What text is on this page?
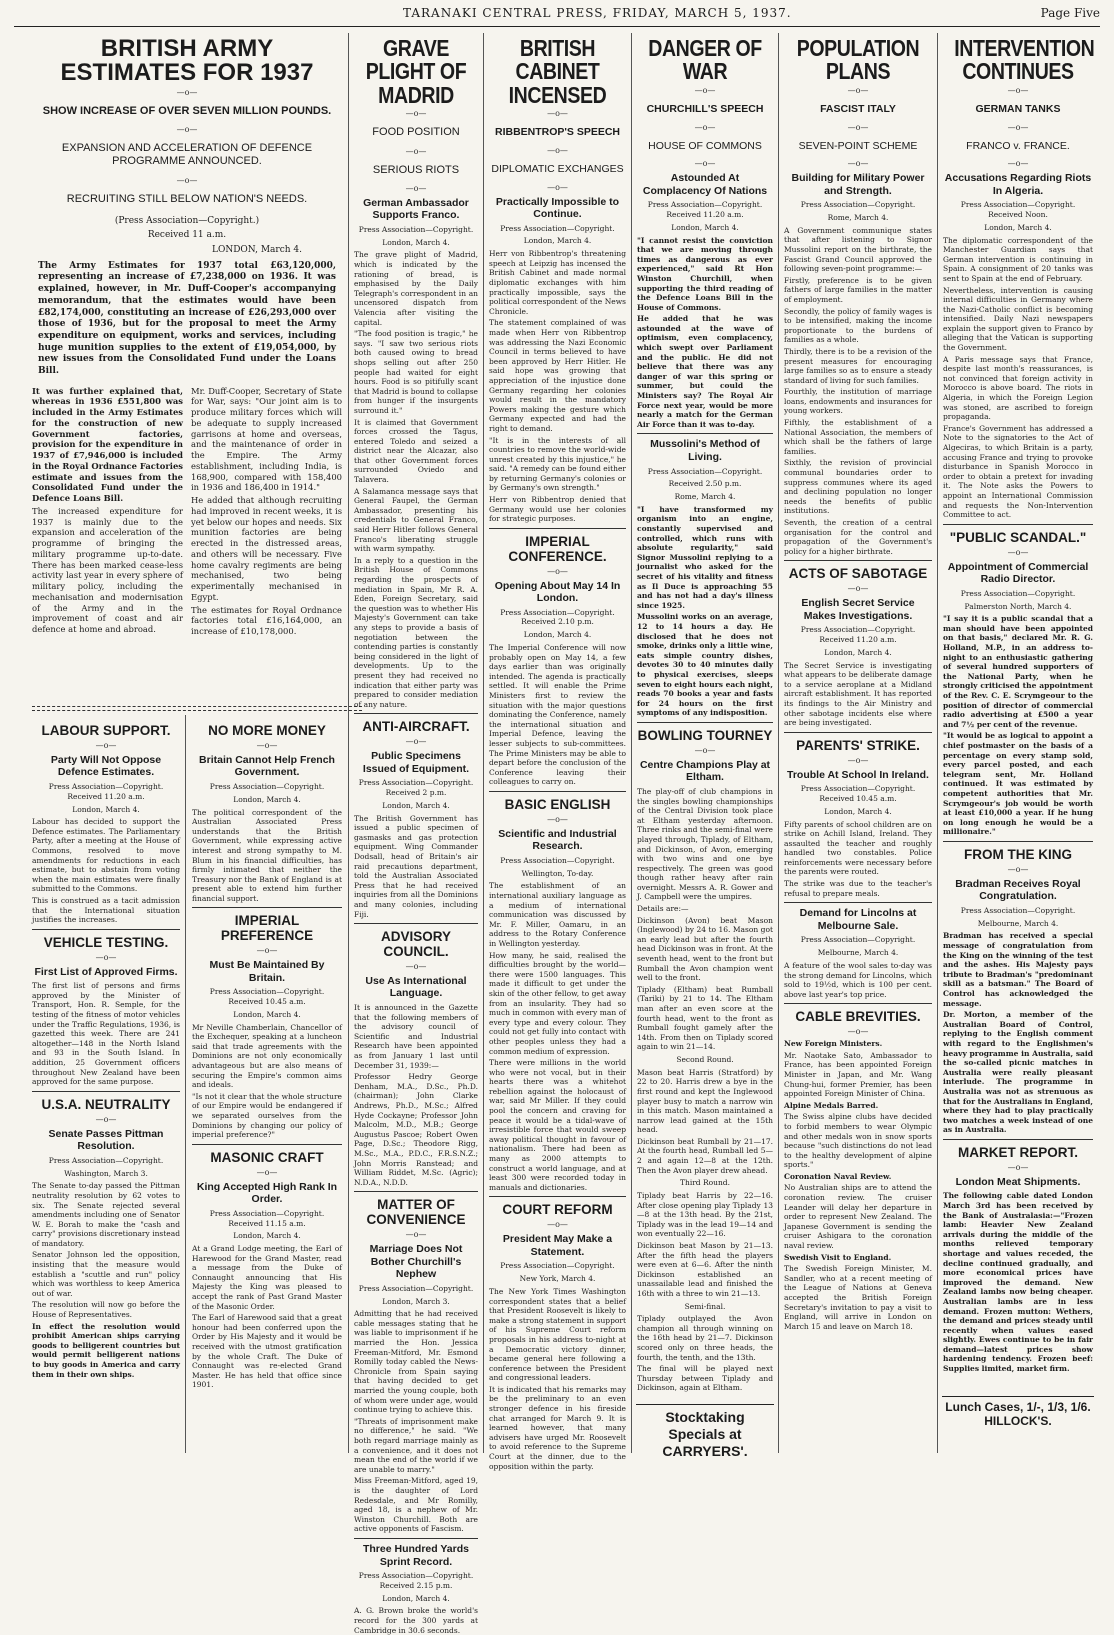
TARANAKI CENTRAL PRESS, FRIDAY, MARCH 5, 1937.	Page Five
BRITISH ARMY ESTIMATES FOR 1937
—o—
SHOW INCREASE OF OVER SEVEN MILLION POUNDS.
—o—
EXPANSION AND ACCELERATION OF DEFENCE PROGRAMME ANNOUNCED.
—o—
RECRUITING STILL BELOW NATION'S NEEDS.
(Press Association—Copyright.)
Received 11 a.m.
LONDON, March 4.
The Army Estimates for 1937 total £63,120,000, representing an increase of £7,238,000 on 1936. It was explained, however, in Mr. Duff-Cooper's accompanying memorandum, that the estimates would have been £82,174,000, constituting an increase of £26,293,000 over those of 1936, but for the proposal to meet the Army expenditure on equipment, works and services, including huge munition supplies to the extent of £19,054,000, by new issues from the Consolidated Fund under the Loans Bill.
It was further explained that, whereas in 1936 £551,800 was included in the Army Estimates for the construction of new Government factories, provision for the expenditure in 1937 of £7,946,000 is included in the Royal Ordnance Factories estimate and issues from the Consolidated Fund under the Defence Loans Bill.
The increased expenditure for 1937 is mainly due to the expansion and acceleration of the programme of bringing the military programme up-to-date. There has been marked cease-less activity last year in every sphere of military policy, including the mechanisation and modernisation of the Army and in the improvement of coast and air defence at home and abroad.
Mr. Duff-Cooper, Secretary of State for War, says: "Our joint aim is to produce military forces which will be adequate to supply increased garrisons at home and overseas, and the maintenance of order in the Empire. The Army establishment, including India, is 168,900, compared with 158,400 in 1936 and 186,400 in 1914."
He added that although recruiting had improved in recent weeks, it is yet below our hopes and needs. Six munition factories are being erected in the distressed areas, and others will be necessary. Five home cavalry regiments are being mechanised, two being experimentally mechanised in Egypt.
The estimates for Royal Ordnance factories total £16,164,000, an increase of £10,178,000.
LABOUR SUPPORT.
—o—
Party Will Not Oppose Defence Estimates.
Press Association—Copyright. Received 11.20 a.m.
London, March 4.
Labour has decided to support the Defence estimates. The Parliamentary Party, after a meeting at the House of Commons, resolved to move amendments for reductions in each estimate, but to abstain from voting when the main estimates were finally submitted to the Commons.
This is construed as a tacit admission that the International situation justifies the increases.
VEHICLE TESTING.
—o—
First List of Approved Firms.
The first list of persons and firms approved by the Minister of Transport, Hon. R. Semple, for the testing of the fitness of motor vehicles under the Traffic Regulations, 1936, is gazetted this week. There are 241 altogether—148 in the North Island and 93 in the South Island. In addition, 25 Government officers throughout New Zealand have been approved for the same purpose.
U.S.A. NEUTRALITY
—o—
Senate Passes Pittman Resolution.
Press Association—Copyright.
Washington, March 3.
The Senate to-day passed the Pittman neutrality resolution by 62 votes to six. The Senate rejected several amendments including one of Senator W. E. Borah to make the "cash and carry" provisions discretionary instead of mandatory.
Senator Johnson led the opposition, insisting that the measure would establish a "scuttle and run" policy which was worthless to keep America out of war.
The resolution will now go before the House of Representatives.
In effect the resolution would prohibit American ships carrying goods to belligerent countries but would permit belligerent nations to buy goods in America and carry them in their own ships.
NO MORE MONEY
—o—
Britain Cannot Help French Government.
Press Association—Copyright.
London, March 4.
The political correspondent of the Australian Associated Press understands that the British Government, while expressing active interest and strong sympathy to M. Blum in his financial difficulties, has firmly intimated that neither the Treasury nor the Bank of England is at present able to extend him further financial support.
IMPERIAL PREFERENCE
—o—
Must Be Maintained By Britain.
Press Association—Copyright. Received 10.45 a.m.
London, March 4.
Mr Neville Chamberlain, Chancellor of the Exchequer, speaking at a luncheon said that trade agreements with the Dominions are not only economically advantageous but are also means of securing the Empire's common aims and ideals.
"Is not it clear that the whole structure of our Empire would be endangered if we separated ourselves from the Dominions by changing our policy of imperial preference?"
MASONIC CRAFT
—o—
King Accepted High Rank In Order.
Press Association—Copyright. Received 11.15 a.m.
London, March 4.
At a Grand Lodge meeting, the Earl of Harewood for the Grand Master, read a message from the Duke of Connaught announcing that His Majesty the King was pleased to accept the rank of Past Grand Master of the Masonic Order.
The Earl of Harewood said that a great honour had been conferred upon the Order by His Majesty and it would be received with the utmost gratification by the whole Craft. The Duke of Connaught was re-elected Grand Master. He has held that office since 1901.
GRAVE PLIGHT OF MADRID
—o—
FOOD POSITION
—o—
SERIOUS RIOTS
—o—
German Ambassador Supports Franco.
Press Association—Copyright.
London, March 4.
The grave plight of Madrid, which is indicated by the rationing of bread, is emphasised by the Daily Telegraph's correspondent in an uncensored dispatch from Valencia after visiting the capital.
"The food position is tragic," he says. "I saw two serious riots both caused owing to bread shops selling out after 250 people had waited for eight hours. Food is so pitifully scant that Madrid is bound to collapse from hunger if the insurgents surround it."
It is claimed that Government forces crossed the Tagus, entered Toledo and seized a district near the Alcazar, also that other Government forces surrounded Oviedo and Talavera.
A Salamanca message says that General Faupel, the German Ambassador, presenting his credentials to General Franco, said Herr Hitler follows General Franco's liberating struggle with warm sympathy.
In a reply to a question in the British House of Commons regarding the prospects of mediation in Spain, Mr R. A. Eden, Foreign Secretary, said the question was to whether His Majesty's Government can take any steps to provide a basis of negotiation between the contending parties is constantly being considered in the light of developments. Up to the present they had received no indication that either party was prepared to consider mediation of any nature.
ANTI-AIRCRAFT.
—o—
Public Specimens Issued of Equipment.
Press Association—Copyright. Received 2 p.m.
London, March 4.
The British Government has issued a public specimen of gasmasks and gas protection equipment. Wing Commander Dodsall, head of Britain's air raid precautions department, told the Australian Associated Press that he had received inquiries from all the Dominions and many colonies, including Fiji.
ADVISORY COUNCIL.
—o—
Use As International Language.
It is announced in the Gazette that the following members of the advisory council of Scientific and Industrial Research have been appointed as from January 1 last until December 31, 1939:—
Professor Hedry George Denham, M.A., D.Sc., Ph.D. (chairman); John Clarke Andrews, Ph.D., M.Sc.; Alfred Hyde Cockayne; Professor John Malcolm, M.D., M.B.; George Augustus Pascoe; Robert Owen Page, D.Sc.; Theodore Rigg, M.Sc., M.A., P.D.C., F.R.S.N.Z.; John Morris Ranstead; and William Riddet, M.Sc. (Agric); N.D.A., N.D.D.
MATTER OF CONVENIENCE
—o—
Marriage Does Not Bother Churchill's Nephew
Press Association—Copyright.
London, March 3.
Admitting that he had received cable messages stating that he was liable to imprisonment if he married the Hon. Jessica Freeman-Mitford, Mr. Esmond Romilly today cabled the News-Chronicle from Spain saying that having decided to get married the young couple, both of whom were under age, would continue trying to achieve this.
"Threats of imprisonment make no difference," he said. "We both regard marriage mainly as a convenience, and it does not mean the end of the world if we are unable to marry."
Miss Freeman-Mitford, aged 19, is the daughter of Lord Redesdale, and Mr Romilly, aged 18, is a nephew of Mr. Winston Churchill. Both are active opponents of Fascism.
Three Hundred Yards Sprint Record.
Press Association—Copyright. Received 2.15 p.m.
London, March 4.
A. G. Brown broke the world's record for the 300 yards at Cambridge in 30.6 seconds.
BRITISH CABINET INCENSED
—o—
RIBBENTROP'S SPEECH
—o—
DIPLOMATIC EXCHANGES
—o—
Practically Impossible to Continue.
Press Association—Copyright.
London, March 4.
Herr von Ribbentrop's threatening speech at Leipzig has incensed the British Cabinet and made normal diplomatic exchanges with him practically impossible, says the political correspondent of the News Chronicle.
The statement complained of was made when Herr von Ribbentrop was addressing the Nazi Economic Council in terms believed to have been approved by Herr Hitler. He said hope was growing that appreciation of the injustice done Germany regarding her colonies would result in the mandatory Powers making the gesture which Germany expected and had the right to demand.
"It is in the interests of all countries to remove the world-wide unrest created by this injustice," he said. "A remedy can be found either by returning Germany's colonies or by Germany's own strength."
Herr von Ribbentrop denied that Germany would use her colonies for strategic purposes.
IMPERIAL CONFERENCE.
—o—
Opening About May 14 In London.
Press Association—Copyright. Received 2.10 p.m.
London, March 4.
The Imperial Conference will now probably open on May 14, a few days earlier than was originally intended. The agenda is practically settled. It will enable the Prime Ministers first to review the situation with the major questions dominating the Conference, namely the international situation and Imperial Defence, leaving the lesser subjects to sub-committees. The Prime Ministers may be able to depart before the conclusion of the Conference leaving their colleagues to carry on.
BASIC ENGLISH
—o—
Scientific and Industrial Research.
Press Association—Copyright.
Wellington, To-day.
The establishment of an international auxiliary language as a medium of international communication was discussed by Mr. F. Miller, Oamaru, in an address to the Rotary Conference in Wellington yesterday.
How many, he said, realised the difficulties brought by the world—there were 1500 languages. This made it difficult to get under the skin of the other fellow, to get away from an insularity. They had so much in common with every man of every type and every colour. They could not get fully into contact with other peoples unless they had a common medium of expression.
There were millions in the world who were not vocal, but in their hearts there was a whitehot rebellion against the holocaust of war, said Mr Miller. If they could pool the concern and craving for peace it would be a tidal-wave of irresistible force that would sweep away political thought in favour of nationalism. There had been as many as 2000 attempts to construct a world language, and at least 300 were recorded today in manuals and dictionaries.
COURT REFORM
—o—
President May Make a Statement.
Press Association—Copyright.
New York, March 4.
The New York Times Washington correspondent states that a belief that President Roosevelt is likely to make a strong statement in support of his Supreme Court reform proposals in his address to-night at a Democratic victory dinner, became general here following a conference between the President and congressional leaders.
It is indicated that his remarks may be the preliminary to an even stronger defence in his fireside chat arranged for March 9. It is learned however, that many advisers have urged Mr. Roosevelt to avoid reference to the Supreme Court at the dinner, due to the opposition within the party.
DANGER OF WAR
—o—
CHURCHILL'S SPEECH
—o—
HOUSE OF COMMONS
—o—
Astounded At Complacency Of Nations
Press Association—Copyright. Received 11.20 a.m.
London, March 4.
"I cannot resist the conviction that we are moving through times as dangerous as ever experienced," said Rt Hon Winston Churchill, when supporting the third reading of the Defence Loans Bill in the House of Commons.
He added that he was astounded at the wave of optimism, even complacency, which swept over Parliament and the public. He did not believe that there was any danger of war this spring or summer, but could the Ministers say? The Royal Air Force next year, would be more nearly a match for the German Air Force than it was to-day.
Mussolini's Method of Living.
Press Association—Copyright.
Received 2.50 p.m.
Rome, March 4.
"I have transformed my organism into an engine, constantly supervised and controlled, which runs with absolute regularity," said Signor Mussolini replying to a journalist who asked for the secret of his vitality and fitness as Il Duce is approaching 55 and has not had a day's illness since 1925.
Mussolini works on an average, 12 to 14 hours a day. He disclosed that he does not smoke, drinks only a little wine, eats simple country dishes, devotes 30 to 40 minutes daily to physical exercises, sleeps seven to eight hours each night, reads 70 books a year and fasts for 24 hours on the first symptoms of any indisposition.
BOWLING TOURNEY
—o—
Centre Champions Play at Eltham.
The play-off of club champions in the singles bowling championships of the Central Division took place at Eltham yesterday afternoon. Three rinks and the semi-final were played through, Tiplady, of Eltham, and Dickinson, of Avon, emerging with two wins and one bye respectively. The green was good though rather heavy after rain overnight. Messrs A. R. Gower and J. Campbell were the umpires.
Details are:—
Dickinson (Avon) beat Mason (Inglewood) by 24 to 16. Mason got an early lead but after the fourth head Dickinson was in front. At the seventh head, went to the front but Rumball the Avon champion went well to the front.
Tiplady (Eltham) beat Rumball (Tariki) by 21 to 14. The Eltham man after an even score at the fourth head, went to the front as Rumball fought gamely after the 14th. From then on Tiplady scored again to win 21—14.
Second Round.
Mason beat Harris (Stratford) by 22 to 20. Harris drew a bye in the first round and kept the Inglewood player busy to match a narrow win in this match. Mason maintained a narrow lead gained at the 15th head.
Dickinson beat Rumball by 21—17. At the fourth head, Rumball led 5—2 and again 12—8 at the 12th. Then the Avon player drew ahead.
Third Round.
Tiplady beat Harris by 22—16. After close opening play Tiplady 13—8 at the 13th head. By the 21st, Tiplady was in the lead 19—14 and won eventually 22—16.
Dickinson beat Mason by 21—13. After the fifth head the players were even at 6—6. After the ninth Dickinson established an unassailable lead and finished the 16th with a three to win 21—13.
Semi-final.
Tiplady outplayed the Avon champion all through winning on the 16th head by 21—7. Dickinson scored only on three heads, the fourth, the tenth, and the 13th.
The final will be played next Thursday between Tiplady and Dickinson, again at Eltham.
Stocktaking Specials at CARRYERS'.
POPULATION PLANS
—o—
FASCIST ITALY
—o—
SEVEN-POINT SCHEME
—o—
Building for Military Power and Strength.
Press Association—Copyright.
Rome, March 4.
A Government communique states that after listening to Signor Mussolini report on the birthrate, the Fascist Grand Council approved the following seven-point programme:—
Firstly, preference is to be given fathers of large families in the matter of employment.
Secondly, the policy of family wages is to be intensified, making the income proportionate to the burdens of families as a whole.
Thirdly, there is to be a revision of the present measures for encouraging large families so as to ensure a steady standard of living for such families.
Fourthly, the institution of marriage loans, endowments and insurances for young workers.
Fifthly, the establishment of a National Association, the members of which shall be the fathers of large families.
Sixthly, the revision of provincial communal boundaries order to suppress communes where its aged and declining population no longer needs the benefits of public institutions.
Seventh, the creation of a central organisation for the control and propagation of the Government's policy for a higher birthrate.
ACTS OF SABOTAGE
—o—
English Secret Service Makes Investigations.
Press Association—Copyright. Received 11.20 a.m.
London, March 4.
The Secret Service is investigating what appears to be deliberate damage to a service aeroplane at a Midland aircraft establishment. It has reported its findings to the Air Ministry and other sabotage incidents else where are being investigated.
PARENTS' STRIKE.
—o—
Trouble At School In Ireland.
Press Association—Copyright. Received 10.45 a.m.
London, March 4.
Fifty parents of school children are on strike on Achill Island, Ireland. They assaulted the teacher and roughly handled two constables. Police reinforcements were necessary before the parents were routed.
The strike was due to the teacher's refusal to prepare meals.
Demand for Lincolns at Melbourne Sale.
Press Association—Copyright.
Melbourne, March 4.
A feature of the wool sales to-day was the strong demand for Lincolns, which sold to 19½d, which is 100 per cent. above last year's top price.
CABLE BREVITIES.
—o—
New Foreign Ministers.
Mr. Naotake Sato, Ambassador to France, has been appointed Foreign Minister in Japan, and Mr. Wang Chung-hui, former Premier, has been appointed Foreign Minister of China.
Alpine Medals Barred.
The Swiss alpine clubs have decided to forbid members to wear Olympic and other medals won in snow sports because "such distinctions do not lead to the healthy development of alpine sports."
Coronation Naval Review.
No Australian ships are to attend the coronation review. The cruiser Leander will delay her departure in order to represent New Zealand. The Japanese Government is sending the cruiser Ashigara to the coronation naval review.
Swedish Visit to England.
The Swedish Foreign Minister, M. Sandler, who at a recent meeting of the League of Nations at Geneva accepted the British Foreign Secretary's invitation to pay a visit to England, will arrive in London on March 15 and leave on March 18.
INTERVENTION CONTINUES
—o—
GERMAN TANKS
—o—
FRANCO v. FRANCE.
—o—
Accusations Regarding Riots In Algeria.
Press Association—Copyright. Received Noon.
London, March 4.
The diplomatic correspondent of the Manchester Guardian says that German intervention is continuing in Spain. A consignment of 20 tanks was sent to Spain at the end of February.
Nevertheless, intervention is causing internal difficulties in Germany where the Nazi-Catholic conflict is becoming intensified. Daily Nazi newspapers explain the support given to Franco by alleging that the Vatican is supporting the Government.
A Paris message says that France, despite last month's reassurances, is not convinced that foreign activity in Morocco is above board. The riots in Algeria, in which the Foreign Legion was stoned, are ascribed to foreign propaganda.
France's Government has addressed a Note to the signatories to the Act of Algeciras, to which Britain is a party, accusing France and trying to provoke disturbance in Spanish Morocco in order to obtain a pretext for invading it. The Note asks the Powers to appoint an International Commission and requests the Non-Intervention Committee to act.
"PUBLIC SCANDAL."
—o—
Appointment of Commercial Radio Director.
Press Association—Copyright.
Palmerston North, March 4.
"I say it is a public scandal that a man should have been appointed on that basis," declared Mr. R. G. Holland, M.P., in an address to-night to an enthusiastic gathering of several hundred supporters of the National Party, when he strongly criticised the appointment of the Rev. C. E. Scrymgeour to the position of director of commercial radio advertising at £500 a year and 7½ per cent of the revenue.
"It would be as logical to appoint a chief postmaster on the basis of a percentage on every stamp sold, every parcel posted, and each telegram sent, Mr. Holland continued. It was estimated by competent authorities that Mr. Scrymgeour's job would be worth at least £10,000 a year. If he hung on long enough he would be a millionaire."
FROM THE KING
—o—
Bradman Receives Royal Congratulation.
Press Association—Copyright.
Melbourne, March 4.
Bradman has received a special message of congratulation from the King on the winning of the test and the ashes. His Majesty pays tribute to Bradman's "predominant skill as a batsman." The Board of Control has acknowledged the message.
Dr. Morton, a member of the Australian Board of Control, replying to the English comment with regard to the Englishmen's heavy programme in Australia, said the so-called picnic matches in Australia were really pleasant interlude. The programme in Australia was not as strenuous as that for the Australians in England, where they had to play practically two matches a week instead of one as in Australia.
MARKET REPORT.
—o—
London Meat Shipments.
The following cable dated London March 3rd has been received by the Bank of Australasia:—"Frozen lamb: Heavier New Zealand arrivals during the middle of the months relieved temporary shortage and values receded, the decline continued gradually, and more economical prices have improved the demand. New Zealand lambs now being cheaper. Australian lambs are in less demand. Frozen mutton: Wethers, the demand and prices steady until recently when values eased slightly. Ewes continue to be in fair demand—latest prices show hardening tendency. Frozen beef: Supplies limited, market firm.
Lunch Cases, 1/-, 1/3, 1/6.
HILLOCK'S.
